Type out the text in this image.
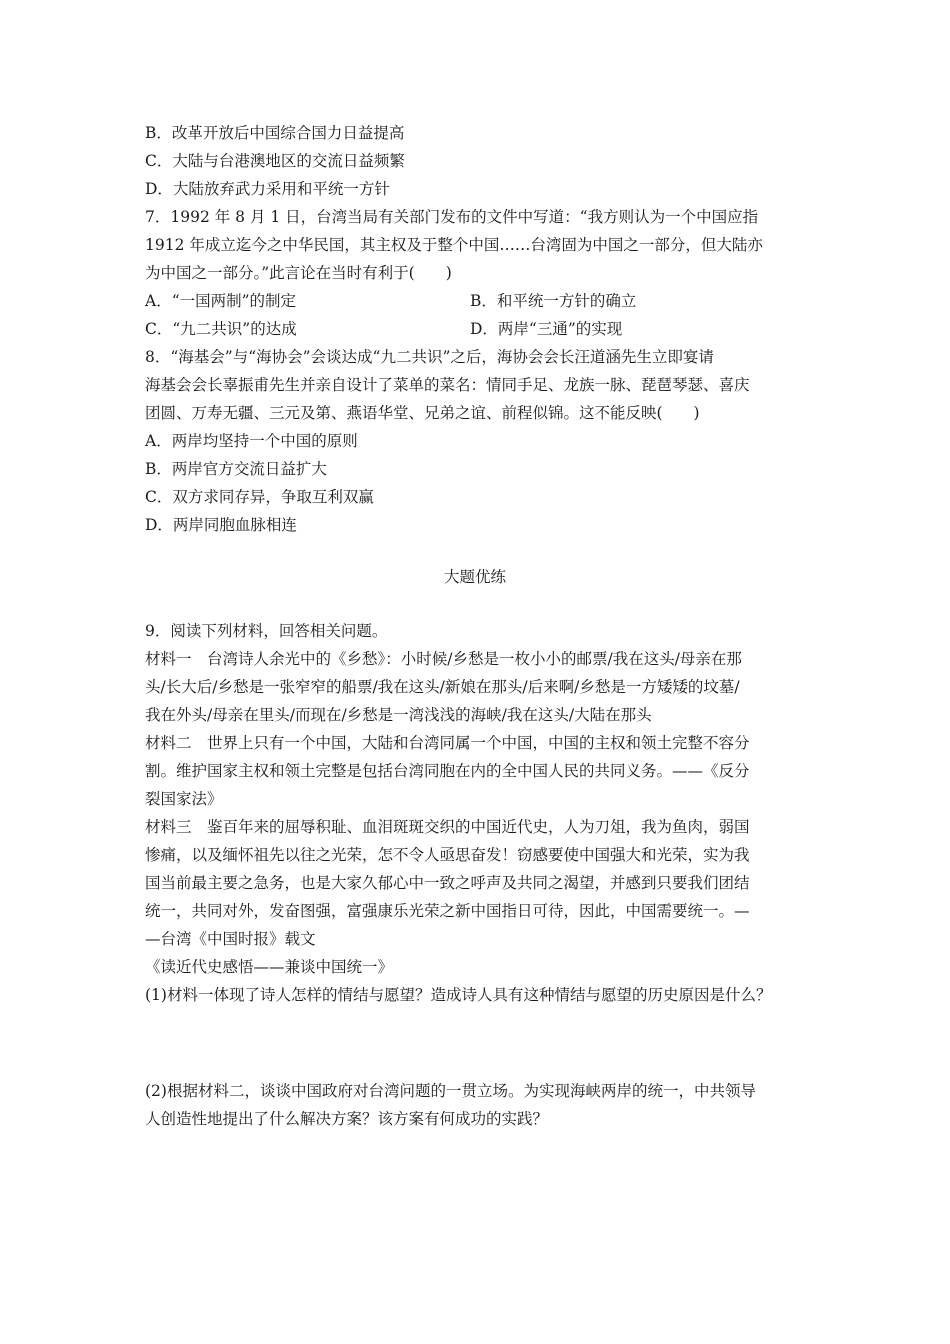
B．改革开放后中国综合国力日益提高
C．大陆与台港澳地区的交流日益频繁
D．大陆放弃武力采用和平统一方针
7．1992 年 8 月 1 日，台湾当局有关部门发布的文件中写道：“我方则认为一个中国应指
1912 年成立迄今之中华民国，其主权及于整个中国……台湾固为中国之一部分，但大陆亦
为中国之一部分。”此言论在当时有利于(　　)
A．“一国两制”的制定	B．和平统一方针的确立
C．“九二共识”的达成	D．两岸“三通”的实现
8．“海基会”与“海协会”会谈达成“九二共识”之后，海协会会长汪道涵先生立即宴请
海基会会长辜振甫先生并亲自设计了菜单的菜名：情同手足、龙族一脉、琵琶琴瑟、喜庆
团圆、万寿无疆、三元及第、燕语华堂、兄弟之谊、前程似锦。这不能反映(　　)
A．两岸均坚持一个中国的原则
B．两岸官方交流日益扩大
C．双方求同存异，争取互利双赢
D．两岸同胞血脉相连
大题优练
9．阅读下列材料，回答相关问题。
材料一　台湾诗人余光中的《乡愁》：小时候/乡愁是一枚小小的邮票/我在这头/母亲在那
头/长大后/乡愁是一张窄窄的船票/我在这头/新娘在那头/后来啊/乡愁是一方矮矮的坟墓/
我在外头/母亲在里头/而现在/乡愁是一湾浅浅的海峡/我在这头/大陆在那头
材料二　世界上只有一个中国，大陆和台湾同属一个中国，中国的主权和领土完整不容分
割。维护国家主权和领土完整是包括台湾同胞在内的全中国人民的共同义务。——《反分
裂国家法》
材料三　鉴百年来的屈辱积耻、血泪斑斑交织的中国近代史，人为刀俎，我为鱼肉，弱国
惨痛，以及缅怀祖先以往之光荣，怎不令人亟思奋发！窃感要使中国强大和光荣，实为我
国当前最主要之急务，也是大家久郁心中一致之呼声及共同之渴望，并感到只要我们团结
统一，共同对外，发奋图强，富强康乐光荣之新中国指日可待，因此，中国需要统一。—
—台湾《中国时报》载文
《读近代史感悟——兼谈中国统一》
(1)材料一体现了诗人怎样的情结与愿望？造成诗人具有这种情结与愿望的历史原因是什么？
(2)根据材料二，谈谈中国政府对台湾问题的一贯立场。为实现海峡两岸的统一，中共领导
人创造性地提出了什么解决方案？该方案有何成功的实践？
